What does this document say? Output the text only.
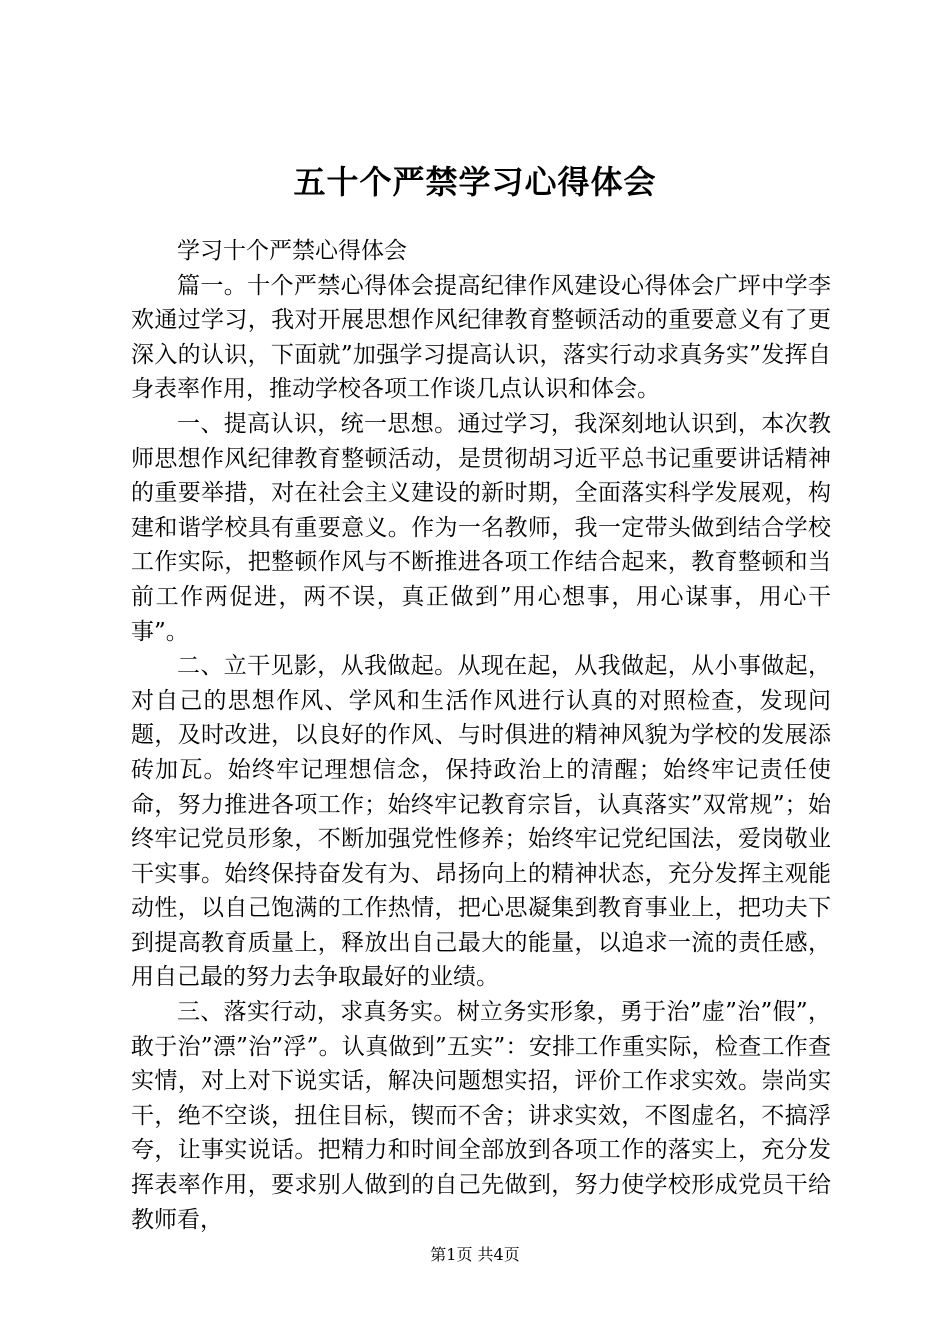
五十个严禁学习心得体会

学习十个严禁心得体会

篇一。十个严禁心得体会提高纪律作风建设心得体会广坪中学李欢通过学习，我对开展思想作风纪律教育整顿活动的重要意义有了更深入的认识，下面就”加强学习提高认识，落实行动求真务实”发挥自身表率作用，推动学校各项工作谈几点认识和体会。

一、提高认识，统一思想。通过学习，我深刻地认识到，本次教师思想作风纪律教育整顿活动，是贯彻胡习近平总书记重要讲话精神的重要举措，对在社会主义建设的新时期，全面落实科学发展观，构建和谐学校具有重要意义。作为一名教师，我一定带头做到结合学校工作实际，把整顿作风与不断推进各项工作结合起来，教育整顿和当前工作两促进，两不误，真正做到”用心想事，用心谋事，用心干事”。

二、立干见影，从我做起。从现在起，从我做起，从小事做起，对自己的思想作风、学风和生活作风进行认真的对照检查，发现问题，及时改进，以良好的作风、与时俱进的精神风貌为学校的发展添砖加瓦。始终牢记理想信念，保持政治上的清醒；始终牢记责任使命，努力推进各项工作；始终牢记教育宗旨，认真落实”双常规”；始终牢记党员形象，不断加强党性修养；始终牢记党纪国法，爱岗敬业干实事。始终保持奋发有为、昂扬向上的精神状态，充分发挥主观能动性，以自己饱满的工作热情，把心思凝集到教育事业上，把功夫下到提高教育质量上，释放出自己最大的能量，以追求一流的责任感，用自己最的努力去争取最好的业绩。

三、落实行动，求真务实。树立务实形象，勇于治”虚”治”假”，敢于治”漂”治”浮”。认真做到”五实”：安排工作重实际，检查工作查实情，对上对下说实话，解决问题想实招，评价工作求实效。崇尚实干，绝不空谈，扭住目标，锲而不舍；讲求实效，不图虚名，不搞浮夸，让事实说话。把精力和时间全部放到各项工作的落实上，充分发挥表率作用，要求别人做到的自己先做到，努力使学校形成党员干给教师看，

第1页 共4页
